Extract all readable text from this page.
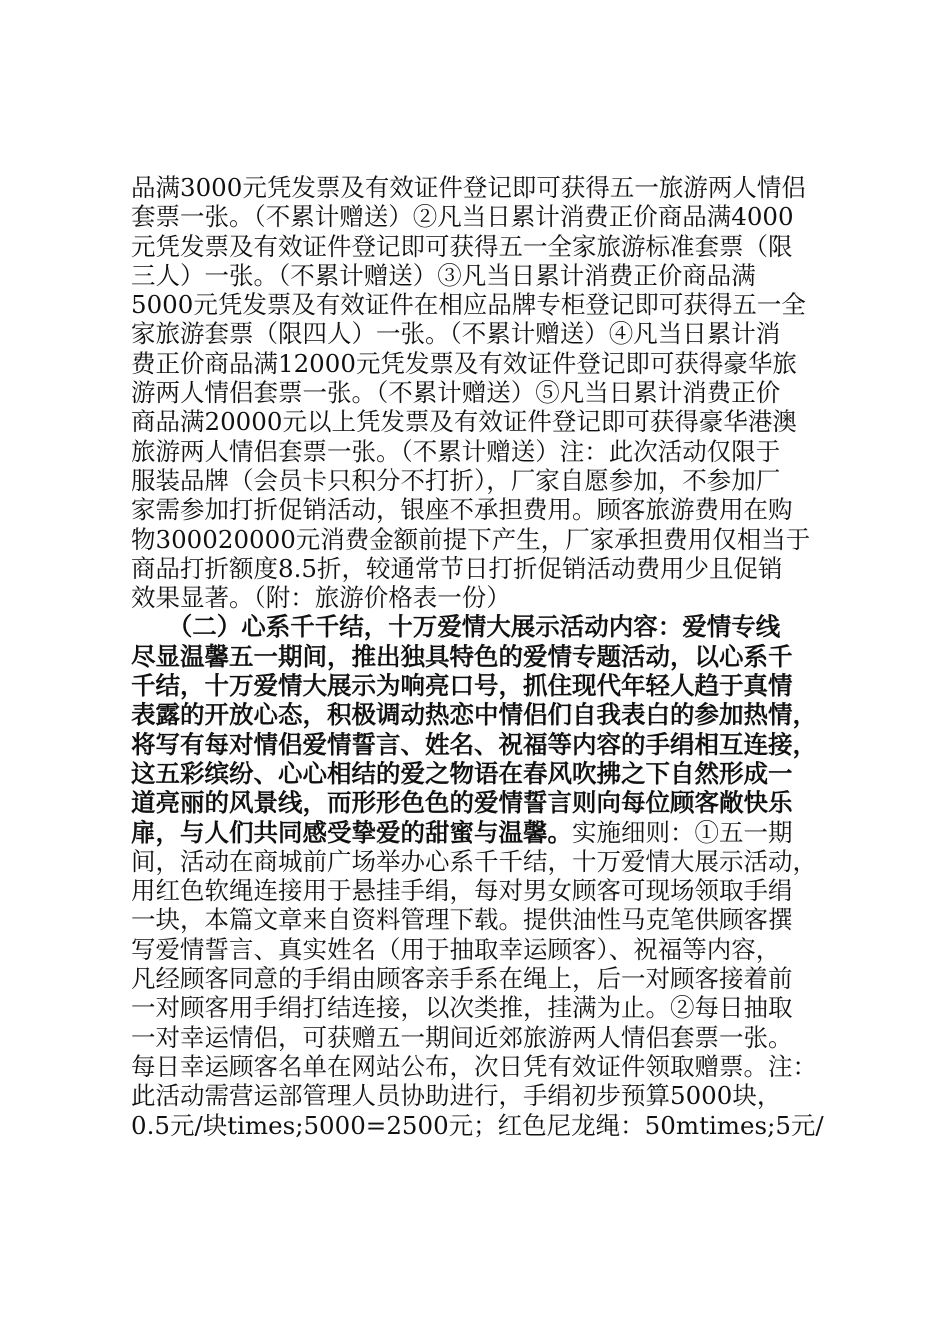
品满3000元凭发票及有效证件登记即可获得五一旅游两人情侣
套票一张。（不累计赠送）②凡当日累计消费正价商品满4000
元凭发票及有效证件登记即可获得五一全家旅游标准套票（限
三人）一张。（不累计赠送）③凡当日累计消费正价商品满
5000元凭发票及有效证件在相应品牌专柜登记即可获得五一全
家旅游套票（限四人）一张。（不累计赠送）④凡当日累计消
费正价商品满12000元凭发票及有效证件登记即可获得豪华旅
游两人情侣套票一张。（不累计赠送）⑤凡当日累计消费正价
商品满20000元以上凭发票及有效证件登记即可获得豪华港澳
旅游两人情侣套票一张。（不累计赠送）注：此次活动仅限于
服装品牌（会员卡只积分不打折），厂家自愿参加，不参加厂
家需参加打折促销活动，银座不承担费用。顾客旅游费用在购
物300020000元消费金额前提下产生，厂家承担费用仅相当于
商品打折额度8.5折，较通常节日打折促销活动费用少且促销
效果显著。（附：旅游价格表一份）
　　（二）心系千千结，十万爱情大展示活动内容：爱情专线
尽显温馨五一期间，推出独具特色的爱情专题活动，以心系千
千结，十万爱情大展示为响亮口号，抓住现代年轻人趋于真情
表露的开放心态，积极调动热恋中情侣们自我表白的参加热情，
将写有每对情侣爱情誓言、姓名、祝福等内容的手绢相互连接，
这五彩缤纷、心心相结的爱之物语在春风吹拂之下自然形成一
道亮丽的风景线，而形形色色的爱情誓言则向每位顾客敞快乐
扉，与人们共同感受挚爱的甜蜜与温馨。实施细则：①五一期
间，活动在商城前广场举办心系千千结，十万爱情大展示活动，
用红色软绳连接用于悬挂手绢，每对男女顾客可现场领取手绢
一块，本篇文章来自资料管理下载。提供油性马克笔供顾客撰
写爱情誓言、真实姓名（用于抽取幸运顾客）、祝福等内容，
凡经顾客同意的手绢由顾客亲手系在绳上，后一对顾客接着前
一对顾客用手绢打结连接，以次类推，挂满为止。②每日抽取
一对幸运情侣，可获赠五一期间近郊旅游两人情侣套票一张。
每日幸运顾客名单在网站公布，次日凭有效证件领取赠票。注：
此活动需营运部管理人员协助进行，手绢初步预算5000块，
0.5元/块times;5000=2500元；红色尼龙绳：50mtimes;5元/
